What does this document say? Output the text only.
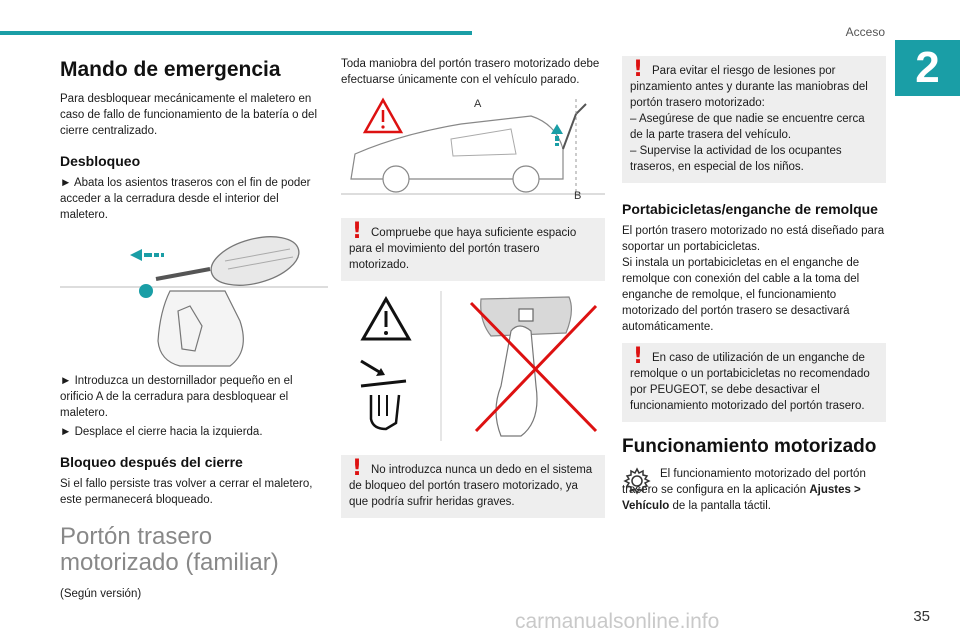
Acceso
2
Mando de emergencia

Para desbloquear mecánicamente el maletero en caso de fallo de funcionamiento de la batería o del cierre centralizado.

Desbloqueo

► Abata los asientos traseros con el fin de poder acceder a la cerradura desde el interior del maletero.

A

► Introduzca un destornillador pequeño en el orificio A de la cerradura para desbloquear el maletero.

► Desplace el cierre hacia la izquierda.

Bloqueo después del cierre

Si el fallo persiste tras volver a cerrar el maletero, este permanecerá bloqueado.

Portón trasero motorizado (familiar)

(Según versión)

Toda maniobra del portón trasero motorizado debe efectuarse únicamente con el vehículo parado.

A
B
! Compruebe que haya suficiente espacio para el movimiento del portón trasero motorizado.
! No introduzca nunca un dedo en el sistema de bloqueo del portón trasero motorizado, ya que podría sufrir heridas graves.
! Para evitar el riesgo de lesiones por pinzamiento antes y durante las maniobras del portón trasero motorizado:
– Asegúrese de que nadie se encuentre cerca de la parte trasera del vehículo.
– Supervise la actividad de los ocupantes traseros, en especial de los niños.
Portabicicletas/enganche de remolque

El portón trasero motorizado no está diseñado para soportar un portabicicletas.

Si instala un portabicicletas en el enganche de remolque con conexión del cable a la toma del enganche de remolque, el funcionamiento motorizado del portón trasero se desactivará automáticamente.

! En caso de utilización de un enganche de remolque o un portabicicletas no recomendado por PEUGEOT, se debe desactivar el funcionamiento motorizado del portón trasero.
Funcionamiento motorizado
El funcionamiento motorizado del portón trasero se configura en la aplicación Ajustes > Vehículo de la pantalla táctil.
carmanualsonline.info	35
